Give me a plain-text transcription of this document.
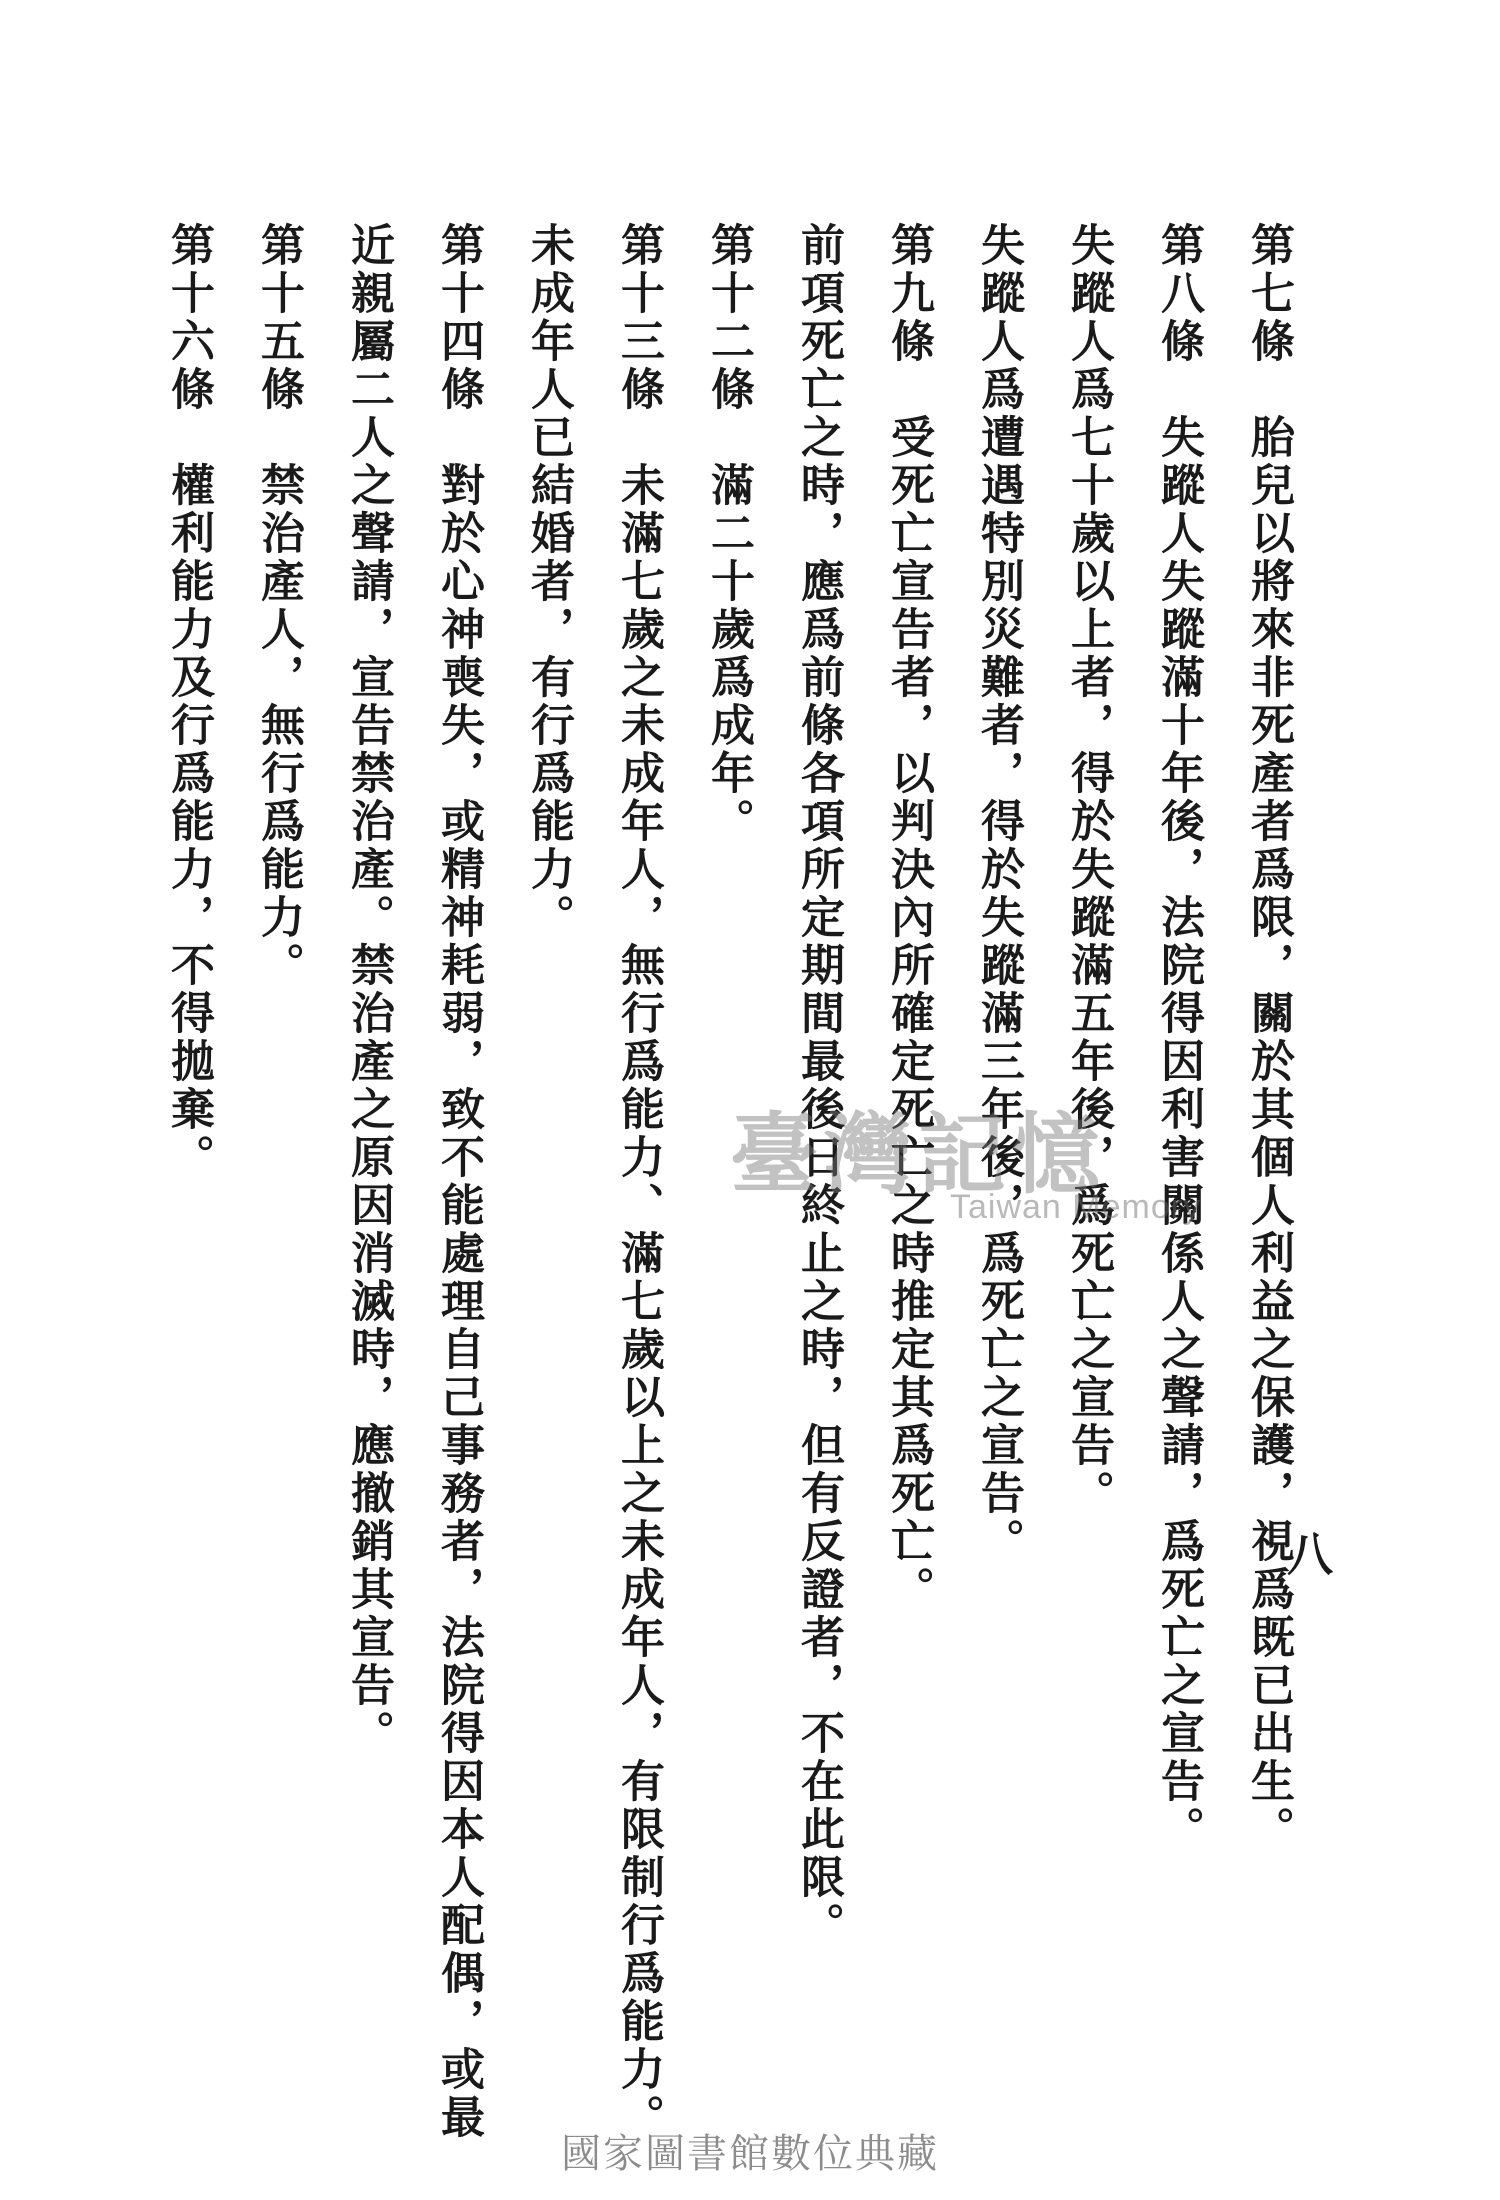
八
第七條胎兒以將來非死產者爲限，關於其個人利益之保護，視爲既已出生。
第八條失蹤人失蹤滿十年後，法院得因利害關係人之聲請，爲死亡之宣告。
失蹤人爲七十歲以上者，得於失蹤滿五年後，爲死亡之宣告。
失蹤人爲遭遇特別災難者，得於失蹤滿三年後，爲死亡之宣告。
第九條受死亡宣告者，以判決內所確定死亡之時推定其爲死亡。
前項死亡之時，應爲前條各項所定期間最後日終止之時，但有反證者，不在此限。
第十二條滿二十歲爲成年。
第十三條未滿七歲之未成年人，無行爲能力、滿七歲以上之未成年人，有限制行爲能力。
未成年人已結婚者，有行爲能力。
第十四條對於心神喪失，或精神耗弱，致不能處理自己事務者，法院得因本人配偶，或最
近親屬二人之聲請，宣告禁治產。禁治產之原因消滅時，應撤銷其宣告。
第十五條禁治產人，無行爲能力。
第十六條權利能力及行爲能力，不得拋棄。	臺灣記憶
Taiwan Memory
國家圖書館數位典藏
